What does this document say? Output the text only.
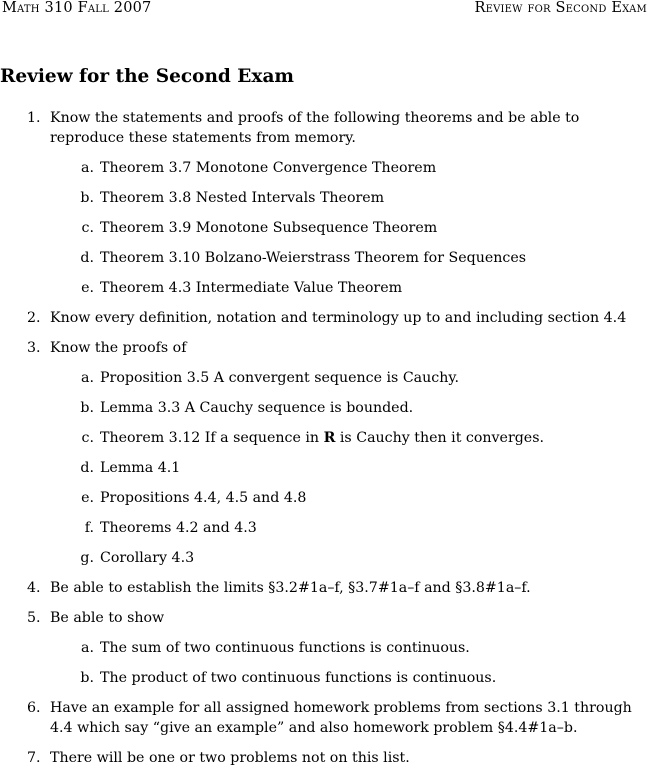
Math 310 Fall 2007	Review for Second Exam
Review for the Second Exam
1. Know the statements and proofs of the following theorems and be able to reproduce these statements from memory.
a. Theorem 3.7 Monotone Convergence Theorem
b. Theorem 3.8 Nested Intervals Theorem
c. Theorem 3.9 Monotone Subsequence Theorem
d. Theorem 3.10 Bolzano-Weierstrass Theorem for Sequences
e. Theorem 4.3 Intermediate Value Theorem
2. Know every definition, notation and terminology up to and including section 4.4
3. Know the proofs of
a. Proposition 3.5 A convergent sequence is Cauchy.
b. Lemma 3.3 A Cauchy sequence is bounded.
c. Theorem 3.12 If a sequence in R is Cauchy then it converges.
d. Lemma 4.1
e. Propositions 4.4, 4.5 and 4.8
f. Theorems 4.2 and 4.3
g. Corollary 4.3
4. Be able to establish the limits §3.2#1a–f, §3.7#1a–f and §3.8#1a–f.
5. Be able to show
a. The sum of two continuous functions is continuous.
b. The product of two continuous functions is continuous.
6. Have an example for all assigned homework problems from sections 3.1 through 4.4 which say “give an example” and also homework problem §4.4#1a–b.
7. There will be one or two problems not on this list.
